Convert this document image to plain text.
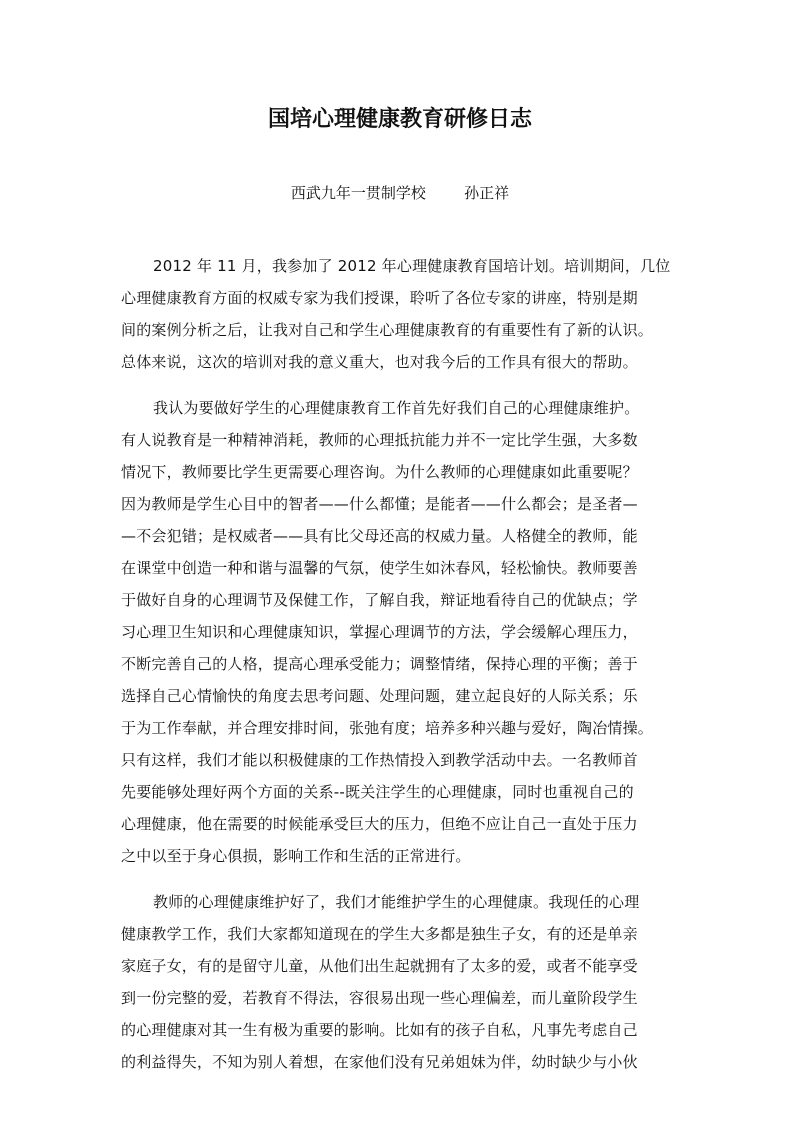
国培心理健康教育研修日志
西武九年一贯制学校	孙正祥

2012 年 11 月，我参加了 2012 年心理健康教育国培计划。培训期间，几位
心理健康教育方面的权威专家为我们授课，聆听了各位专家的讲座，特别是期
间的案例分析之后，让我对自己和学生心理健康教育的有重要性有了新的认识。
总体来说，这次的培训对我的意义重大，也对我今后的工作具有很大的帮助。

我认为要做好学生的心理健康教育工作首先好我们自己的心理健康维护。
有人说教育是一种精神消耗，教师的心理抵抗能力并不一定比学生强，大多数
情况下，教师要比学生更需要心理咨询。为什么教师的心理健康如此重要呢？
因为教师是学生心目中的智者——什么都懂；是能者——什么都会；是圣者—
—不会犯错；是权威者——具有比父母还高的权威力量。人格健全的教师，能
在课堂中创造一种和谐与温馨的气氛，使学生如沐春风，轻松愉快。教师要善
于做好自身的心理调节及保健工作，了解自我，辩证地看待自己的优缺点；学
习心理卫生知识和心理健康知识，掌握心理调节的方法，学会缓解心理压力，
不断完善自己的人格，提高心理承受能力；调整情绪，保持心理的平衡；善于
选择自己心情愉快的角度去思考问题、处理问题，建立起良好的人际关系；乐
于为工作奉献，并合理安排时间，张弛有度；培养多种兴趣与爱好，陶冶情操。
只有这样，我们才能以积极健康的工作热情投入到教学活动中去。一名教师首
先要能够处理好两个方面的关系--既关注学生的心理健康，同时也重视自己的
心理健康，他在需要的时候能承受巨大的压力，但绝不应让自己一直处于压力
之中以至于身心俱损，影响工作和生活的正常进行。

教师的心理健康维护好了，我们才能维护学生的心理健康。我现任的心理
健康教学工作，我们大家都知道现在的学生大多都是独生子女，有的还是单亲
家庭子女，有的是留守儿童，从他们出生起就拥有了太多的爱，或者不能享受
到一份完整的爱，若教育不得法，容很易出现一些心理偏差，而儿童阶段学生
的心理健康对其一生有极为重要的影响。比如有的孩子自私，凡事先考虑自己
的利益得失，不知为别人着想，在家他们没有兄弟姐妹为伴，幼时缺少与小伙
